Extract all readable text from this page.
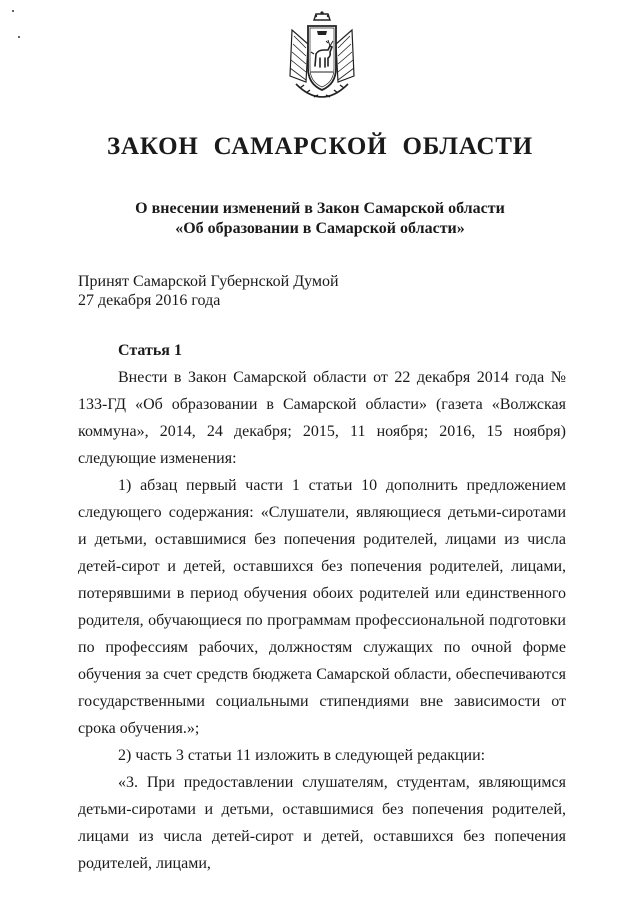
ЗАКОН САМАРСКОЙ ОБЛАСТИ
О внесении изменений в Закон Самарской области
«Об образовании в Самарской области»
Принят Самарской Губернской Думой
27 декабря 2016 года
Статья 1

Внести в Закон Самарской области от 22 декабря 2014 года № 133-ГД «Об образовании в Самарской области» (газета «Волжская коммуна», 2014, 24 декабря; 2015, 11 ноября; 2016, 15 ноября) следующие изменения:

1) абзац первый части 1 статьи 10 дополнить предложением следующего содержания: «Слушатели, являющиеся детьми-сиротами и детьми, оставшимися без попечения родителей, лицами из числа детей-сирот и детей, оставшихся без попечения родителей, лицами, потерявшими в период обучения обоих родителей или единственного родителя, обучающиеся по программам профессиональной подготовки по профессиям рабочих, должностям служащих по очной форме обучения за счет средств бюджета Самарской области, обеспечиваются государственными социальными стипендиями вне зависимости от срока обучения.»;

2) часть 3 статьи 11 изложить в следующей редакции:

«3. При предоставлении слушателям, студентам, являющимся детьми-сиротами и детьми, оставшимися без попечения родителей, лицами из числа детей-сирот и детей, оставшихся без попечения родителей, лицами,
